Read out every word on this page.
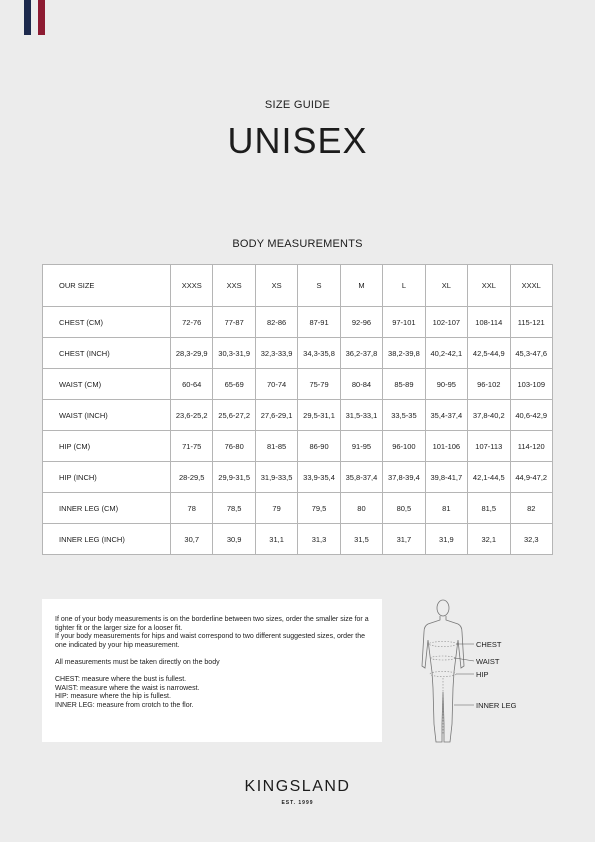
SIZE GUIDE
UNISEX
BODY MEASUREMENTS
OUR SIZE	XXXS	XXS	XS	S	M	L	XL	XXL	XXXL
CHEST (CM)	72-76	77-87	82-86	87-91	92-96	97-101	102-107	108-114	115-121
CHEST (INCH)	28,3-29,9	30,3-31,9	32,3-33,9	34,3-35,8	36,2-37,8	38,2-39,8	40,2-42,1	42,5-44,9	45,3-47,6
WAIST (CM)	60-64	65-69	70-74	75-79	80-84	85-89	90-95	96-102	103-109
WAIST (INCH)	23,6-25,2	25,6-27,2	27,6-29,1	29,5-31,1	31,5-33,1	33,5-35	35,4-37,4	37,8-40,2	40,6-42,9
HIP (CM)	71-75	76-80	81-85	86-90	91-95	96-100	101-106	107-113	114-120
HIP (INCH)	28-29,5	29,9-31,5	31,9-33,5	33,9-35,4	35,8-37,4	37,8-39,4	39,8-41,7	42,1-44,5	44,9-47,2
INNER LEG (CM)	78	78,5	79	79,5	80	80,5	81	81,5	82
INNER LEG (INCH)	30,7	30,9	31,1	31,3	31,5	31,7	31,9	32,1	32,3

If one of your body measurements is on the borderline between two sizes, order the smaller size for a tighter fit or the larger size for a looser fit.

If your body measurements for hips and waist correspond to two different suggested sizes, order the one indicated by your hip measurement.

All measurements must be taken directly on the body

CHEST: measure where the bust is fullest.

WAIST: measure where the waist is narrowest.

HIP: measure where the hip is fullest.

INNER LEG: measure from crotch to the flor.

CHEST
WAIST
HIP
INNER LEG
KINGSLAND
EST. 1999
